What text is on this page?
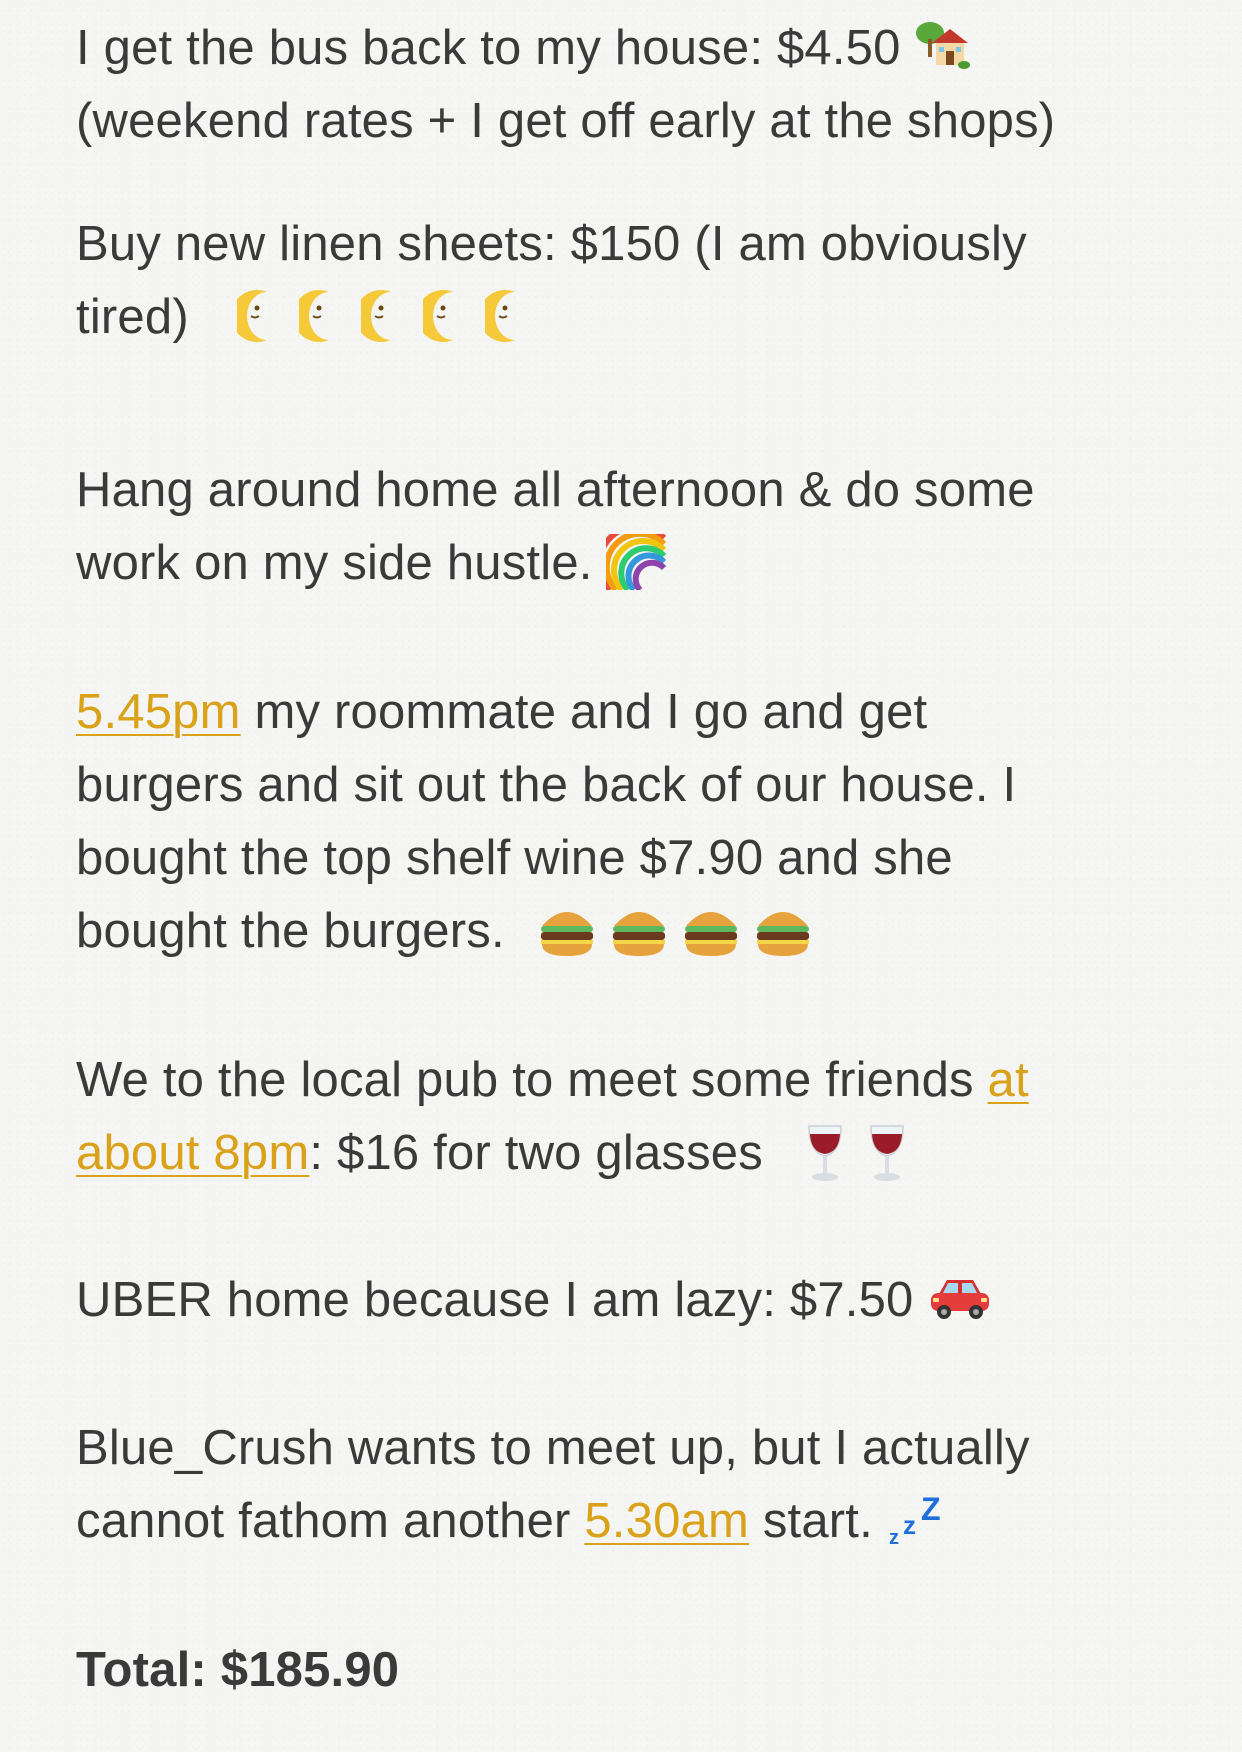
I get the bus back to my house: $4.50
(weekend rates + I get off early at the shops)
Buy new linen sheets: $150 (I am obviously
tired)
Hang around home all afternoon & do some
work on my side hustle.
5.45pm my roommate and I go and get
burgers and sit out the back of our house. I
bought the top shelf wine $7.90 and she
bought the burgers.
We to the local pub to meet some friends at
about 8pm: $16 for two glasses
UBER home because I am lazy: $7.50
Blue_Crush wants to meet up, but I actually
cannot fathom another 5.30am start. z z Z
Total: $185.90
